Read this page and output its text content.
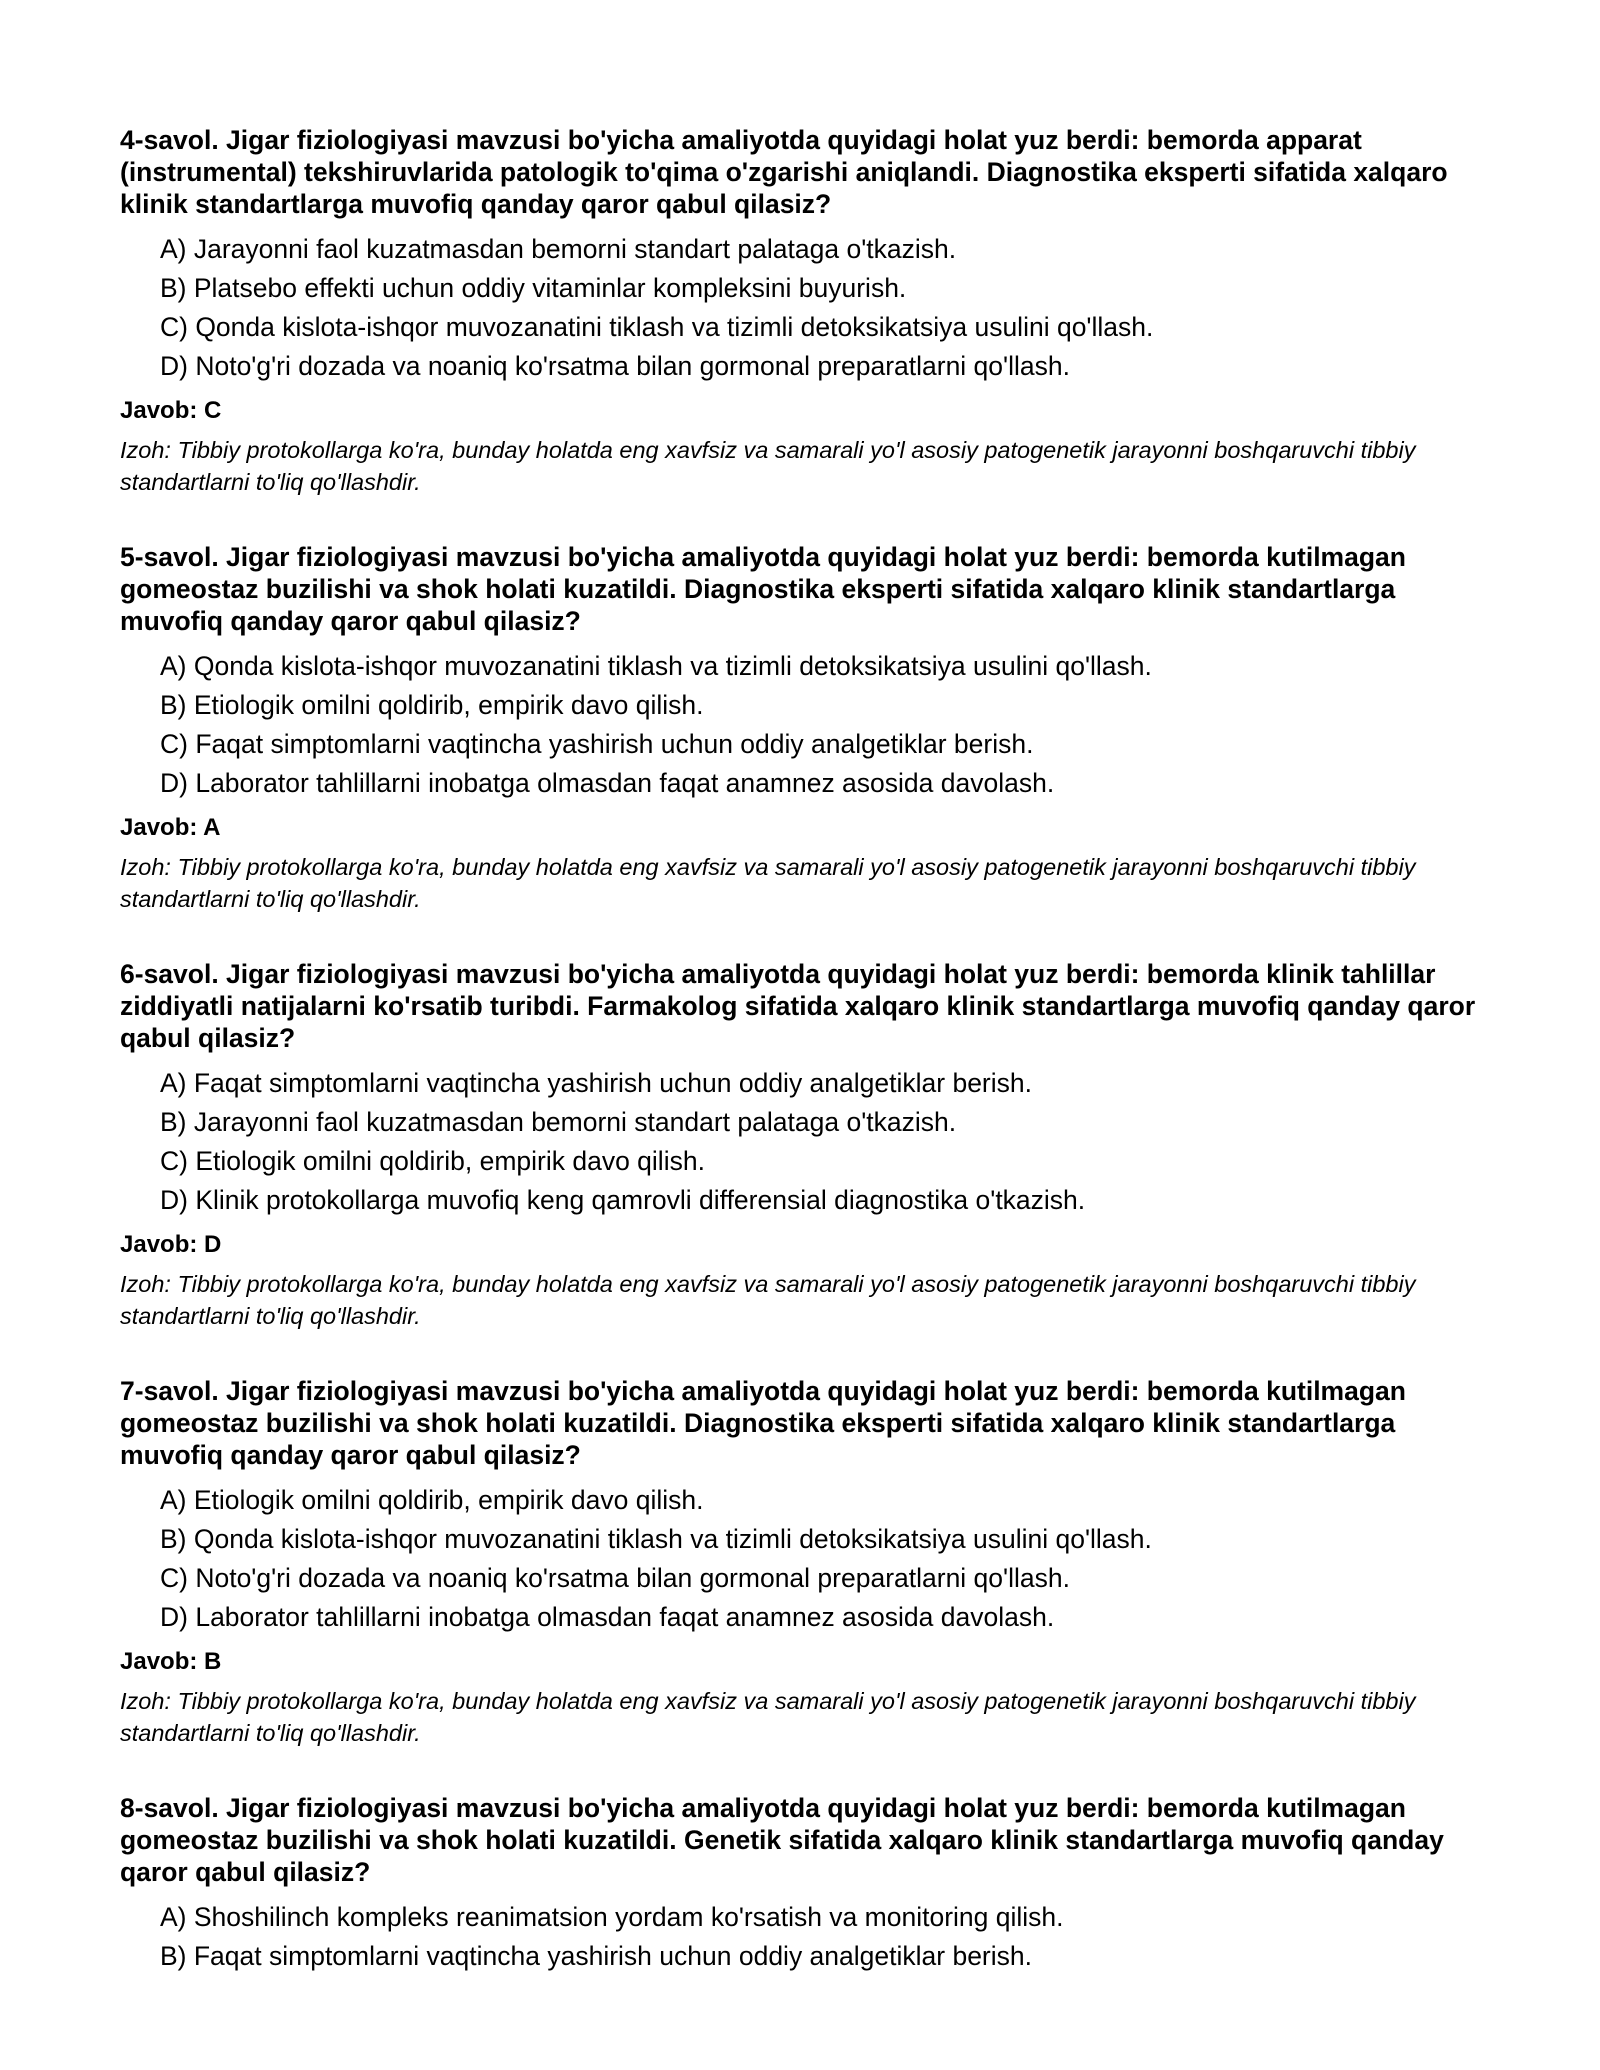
4-savol. Jigar fiziologiyasi mavzusi bo'yicha amaliyotda quyidagi holat yuz berdi: bemorda apparat (instrumental) tekshiruvlarida patologik to'qima o'zgarishi aniqlandi. Diagnostika eksperti sifatida xalqaro klinik standartlarga muvofiq qanday qaror qabul qilasiz?
A) Jarayonni faol kuzatmasdan bemorni standart palataga o'tkazish.
B) Platsebo effekti uchun oddiy vitaminlar kompleksini buyurish.
C) Qonda kislota-ishqor muvozanatini tiklash va tizimli detoksikatsiya usulini qo'llash.
D) Noto'g'ri dozada va noaniq ko'rsatma bilan gormonal preparatlarni qo'llash.

Javob: C

Izoh: Tibbiy protokollarga ko'ra, bunday holatda eng xavfsiz va samarali yo'l asosiy patogenetik jarayonni boshqaruvchi tibbiy standartlarni to'liq qo'llashdir.

5-savol. Jigar fiziologiyasi mavzusi bo'yicha amaliyotda quyidagi holat yuz berdi: bemorda kutilmagan gomeostaz buzilishi va shok holati kuzatildi. Diagnostika eksperti sifatida xalqaro klinik standartlarga muvofiq qanday qaror qabul qilasiz?
A) Qonda kislota-ishqor muvozanatini tiklash va tizimli detoksikatsiya usulini qo'llash.
B) Etiologik omilni qoldirib, empirik davo qilish.
C) Faqat simptomlarni vaqtincha yashirish uchun oddiy analgetiklar berish.
D) Laborator tahlillarni inobatga olmasdan faqat anamnez asosida davolash.

Javob: A

Izoh: Tibbiy protokollarga ko'ra, bunday holatda eng xavfsiz va samarali yo'l asosiy patogenetik jarayonni boshqaruvchi tibbiy standartlarni to'liq qo'llashdir.

6-savol. Jigar fiziologiyasi mavzusi bo'yicha amaliyotda quyidagi holat yuz berdi: bemorda klinik tahlillar ziddiyatli natijalarni ko'rsatib turibdi. Farmakolog sifatida xalqaro klinik standartlarga muvofiq qanday qaror qabul qilasiz?
A) Faqat simptomlarni vaqtincha yashirish uchun oddiy analgetiklar berish.
B) Jarayonni faol kuzatmasdan bemorni standart palataga o'tkazish.
C) Etiologik omilni qoldirib, empirik davo qilish.
D) Klinik protokollarga muvofiq keng qamrovli differensial diagnostika o'tkazish.

Javob: D

Izoh: Tibbiy protokollarga ko'ra, bunday holatda eng xavfsiz va samarali yo'l asosiy patogenetik jarayonni boshqaruvchi tibbiy standartlarni to'liq qo'llashdir.

7-savol. Jigar fiziologiyasi mavzusi bo'yicha amaliyotda quyidagi holat yuz berdi: bemorda kutilmagan gomeostaz buzilishi va shok holati kuzatildi. Diagnostika eksperti sifatida xalqaro klinik standartlarga muvofiq qanday qaror qabul qilasiz?
A) Etiologik omilni qoldirib, empirik davo qilish.
B) Qonda kislota-ishqor muvozanatini tiklash va tizimli detoksikatsiya usulini qo'llash.
C) Noto'g'ri dozada va noaniq ko'rsatma bilan gormonal preparatlarni qo'llash.
D) Laborator tahlillarni inobatga olmasdan faqat anamnez asosida davolash.

Javob: B

Izoh: Tibbiy protokollarga ko'ra, bunday holatda eng xavfsiz va samarali yo'l asosiy patogenetik jarayonni boshqaruvchi tibbiy standartlarni to'liq qo'llashdir.

8-savol. Jigar fiziologiyasi mavzusi bo'yicha amaliyotda quyidagi holat yuz berdi: bemorda kutilmagan gomeostaz buzilishi va shok holati kuzatildi. Genetik sifatida xalqaro klinik standartlarga muvofiq qanday qaror qabul qilasiz?
A) Shoshilinch kompleks reanimatsion yordam ko'rsatish va monitoring qilish.
B) Faqat simptomlarni vaqtincha yashirish uchun oddiy analgetiklar berish.
